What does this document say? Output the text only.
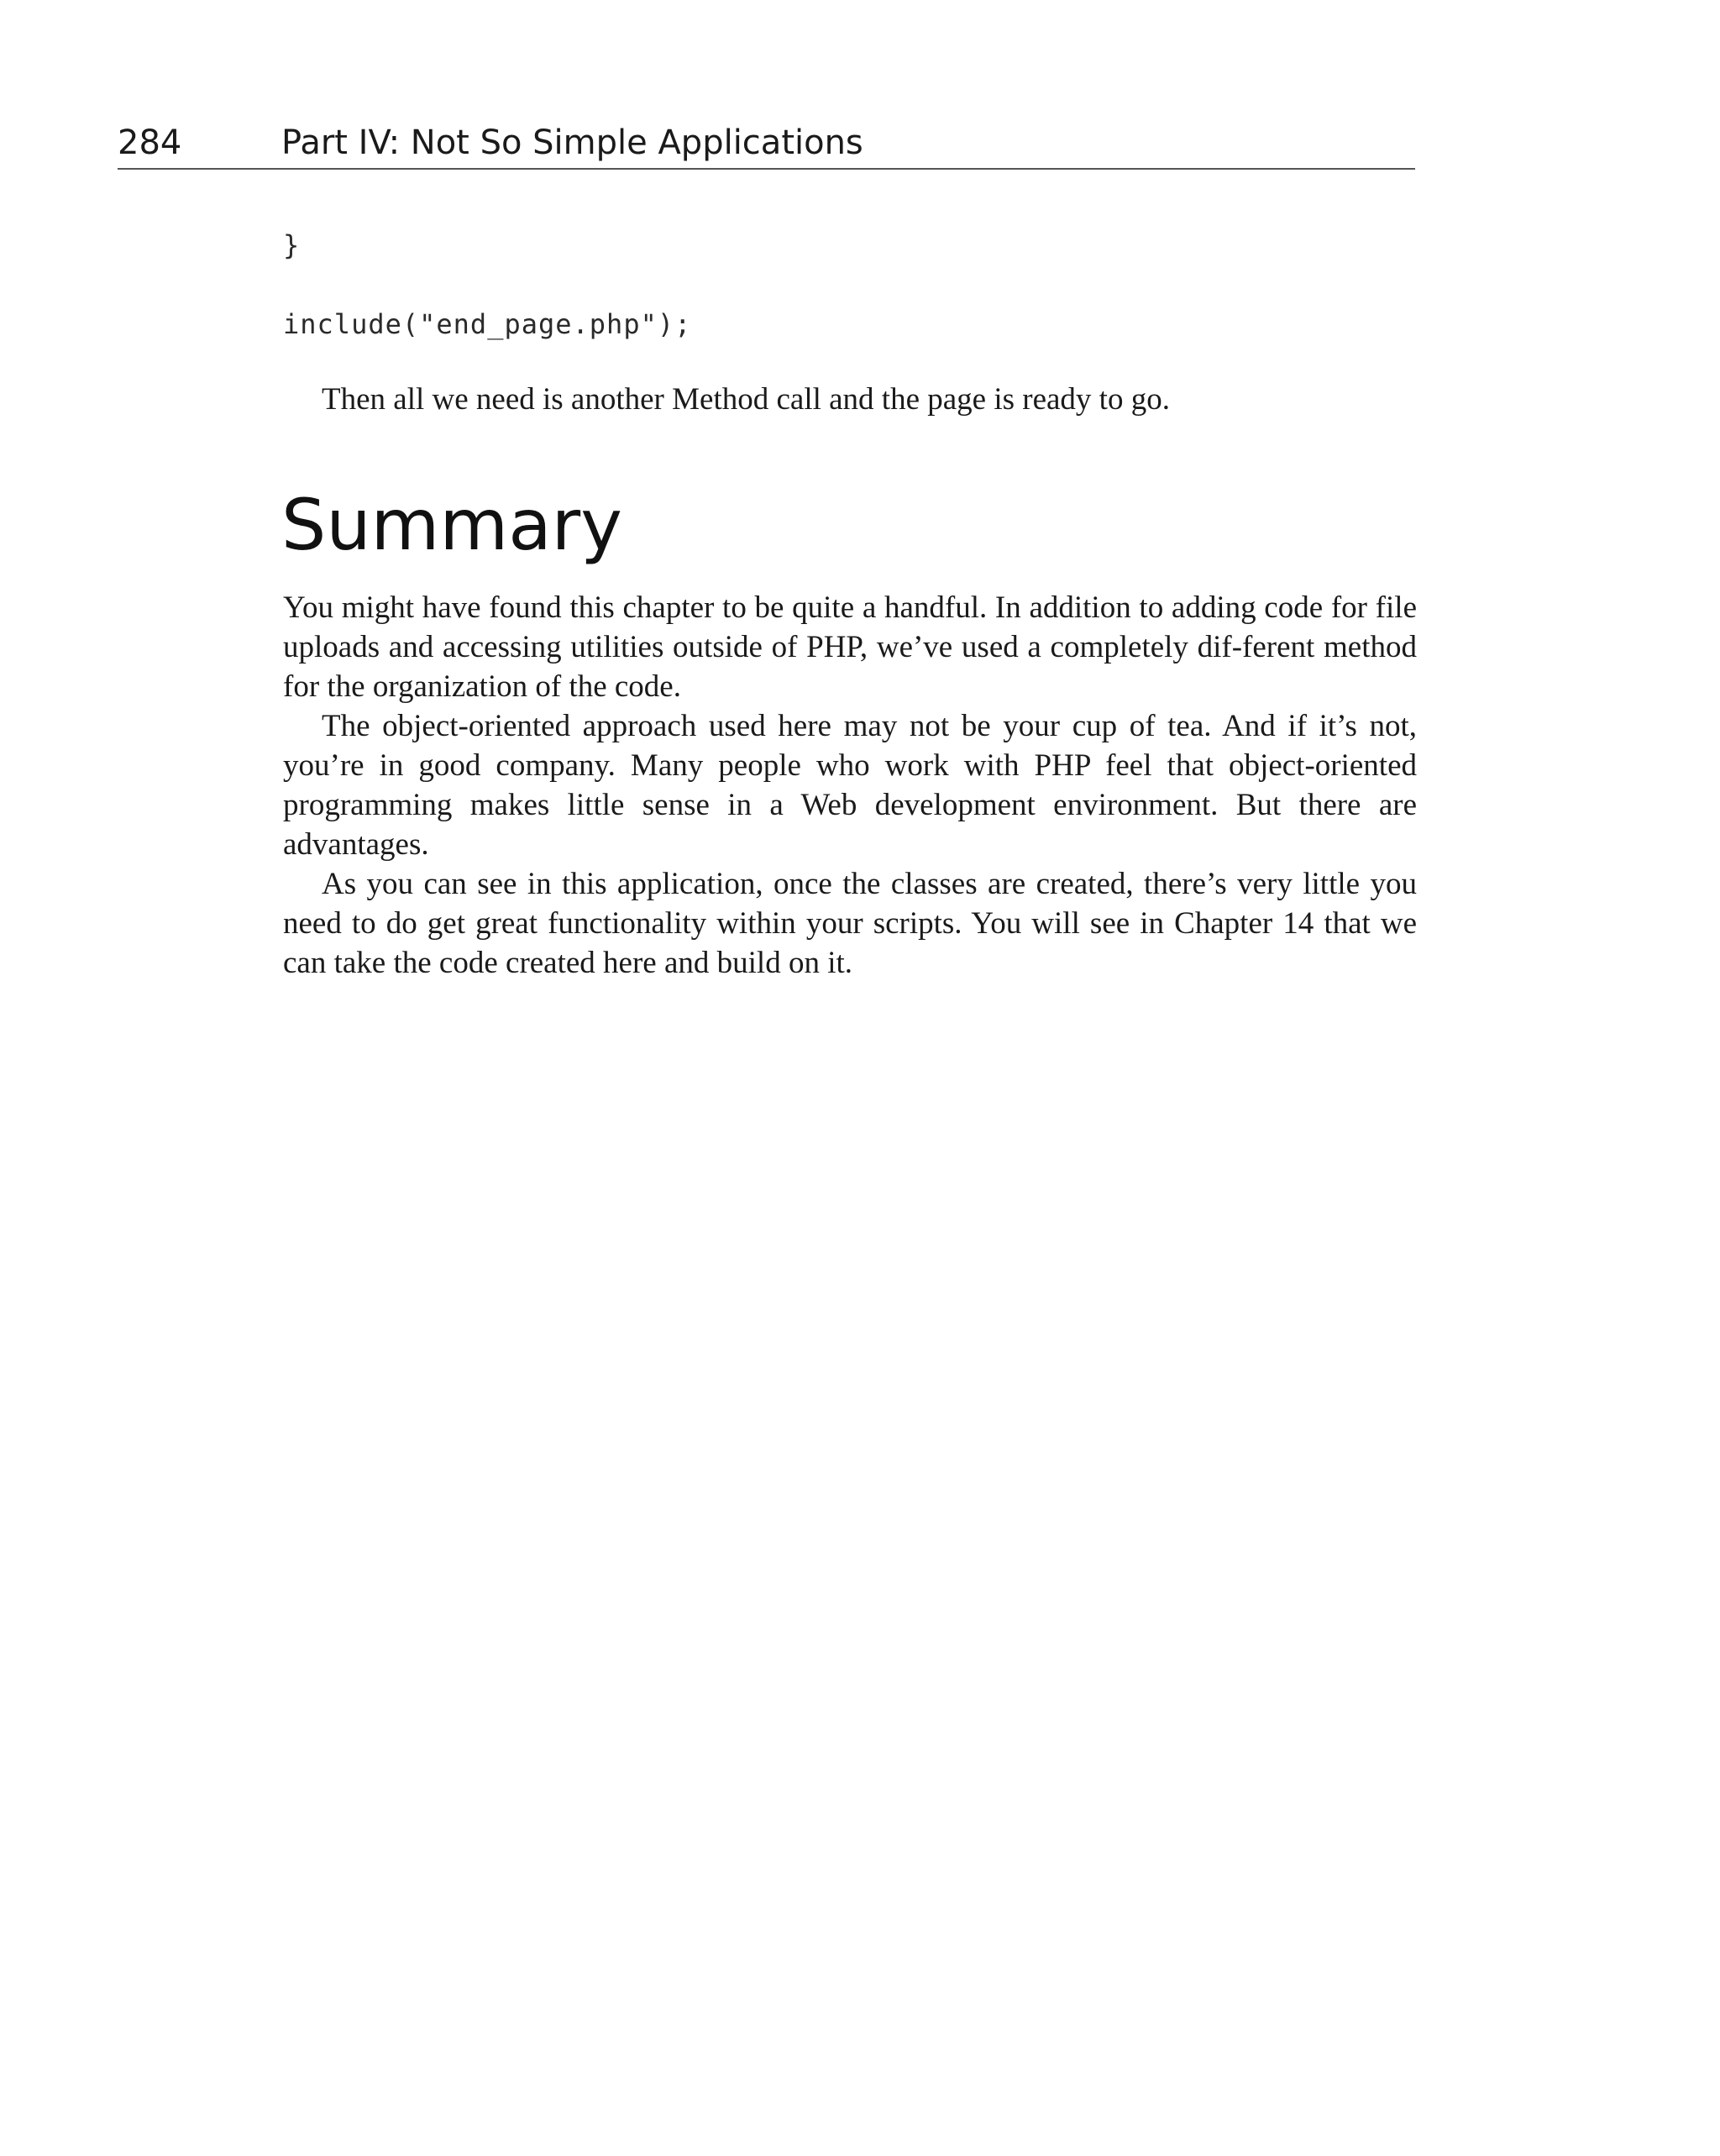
284	Part IV: Not So Simple Applications
}
include("end_page.php");

Then all we need is another Method call and the page is ready to go.

Summary

You might have found this chapter to be quite a handful. In addition to adding code for file uploads and accessing utilities outside of PHP, we’ve used a completely dif-ferent method for the organization of the code.

The object-oriented approach used here may not be your cup of tea. And if it’s not, you’re in good company. Many people who work with PHP feel that object-oriented programming makes little sense in a Web development environment. But there are advantages.

As you can see in this application, once the classes are created, there’s very little you need to do get great functionality within your scripts. You will see in Chapter 14 that we can take the code created here and build on it.
